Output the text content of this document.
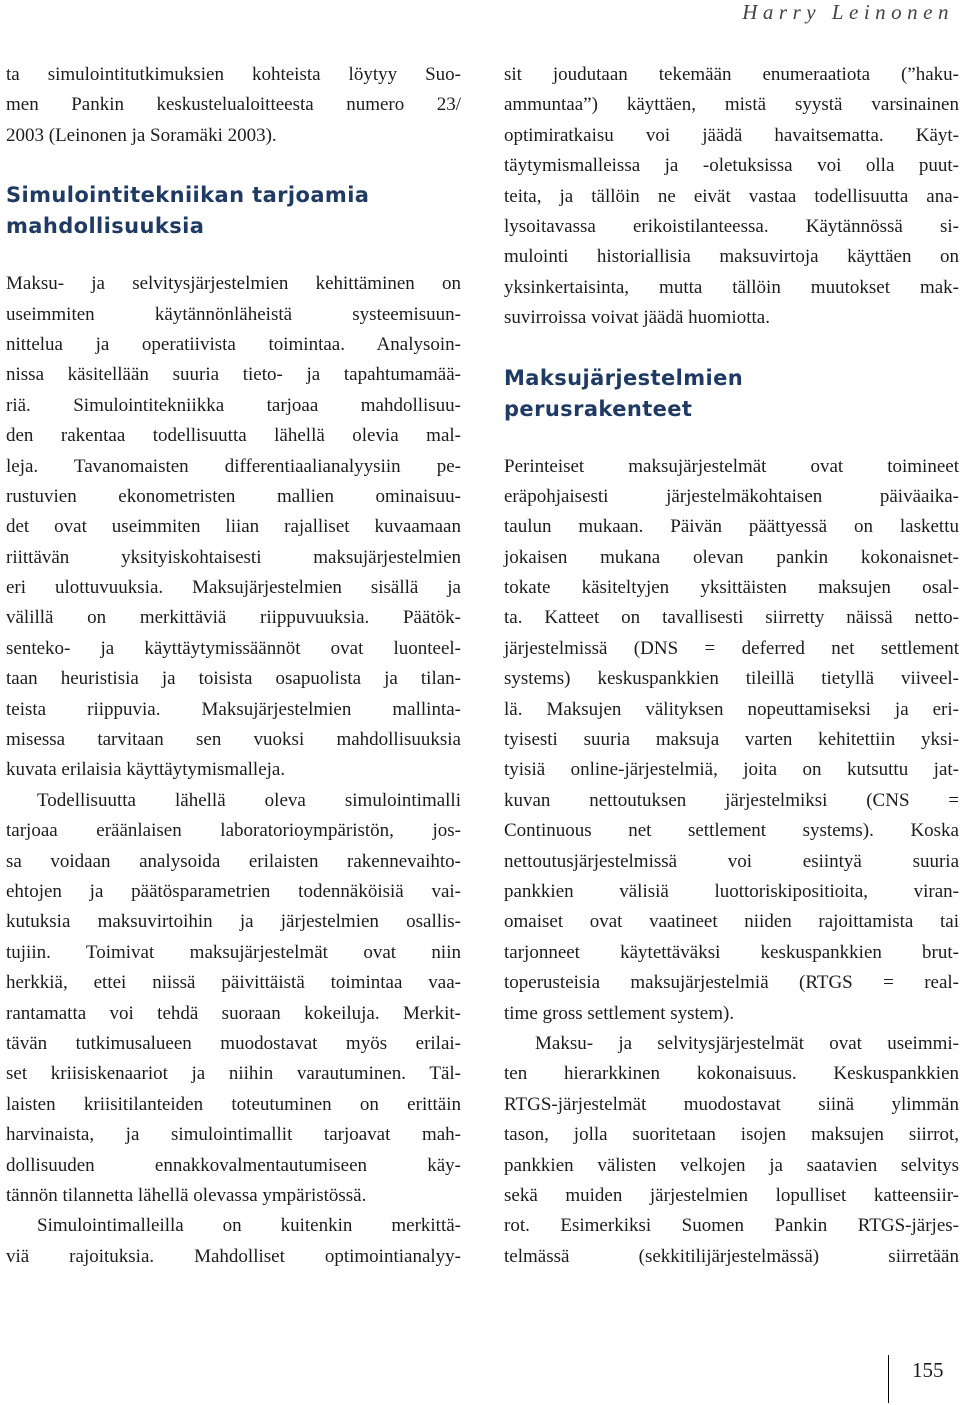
Harry Leinonen
ta simulointitutkimuksien kohteista löytyy Suo-
men Pankin keskustelualoitteesta numero 23/
2003 (Leinonen ja Soramäki 2003).
Simulointitekniikan tarjoamia
mahdollisuuksia
Maksu- ja selvitysjärjestelmien kehittäminen on
useimmiten käytännönläheistä systeemisuun-
nittelua ja operatiivista toimintaa. Analysoin-
nissa käsitellään suuria tieto- ja tapahtumamää-
riä. Simulointitekniikka tarjoaa mahdollisuu-
den rakentaa todellisuutta lähellä olevia mal-
leja. Tavanomaisten differentiaalianalyysiin pe-
rustuvien ekonometristen mallien ominaisuu-
det ovat useimmiten liian rajalliset kuvaamaan
riittävän yksityiskohtaisesti maksujärjestelmien
eri ulottuvuuksia. Maksujärjestelmien sisällä ja
välillä on merkittäviä riippuvuuksia. Päätök-
senteko- ja käyttäytymissäännöt ovat luonteel-
taan heuristisia ja toisista osapuolista ja tilan-
teista riippuvia. Maksujärjestelmien mallinta-
misessa tarvitaan sen vuoksi mahdollisuuksia
kuvata erilaisia käyttäytymismalleja.
Todellisuutta lähellä oleva simulointimalli
tarjoaa eräänlaisen laboratorioympäristön, jos-
sa voidaan analysoida erilaisten rakennevaihto-
ehtojen ja päätösparametrien todennäköisiä vai-
kutuksia maksuvirtoihin ja järjestelmien osallis-
tujiin. Toimivat maksujärjestelmät ovat niin
herkkiä, ettei niissä päivittäistä toimintaa vaa-
rantamatta voi tehdä suoraan kokeiluja. Merkit-
tävän tutkimusalueen muodostavat myös erilai-
set kriisiskenaariot ja niihin varautuminen. Täl-
laisten kriisitilanteiden toteutuminen on erittäin
harvinaista, ja simulointimallit tarjoavat mah-
dollisuuden ennakkovalmentautumiseen käy-
tännön tilannetta lähellä olevassa ympäristössä.
Simulointimalleilla on kuitenkin merkittä-
viä rajoituksia. Mahdolliset optimointianalyy-
sit joudutaan tekemään enumeraatiota (”haku-
ammuntaa”) käyttäen, mistä syystä varsinainen
optimiratkaisu voi jäädä havaitsematta. Käyt-
täytymismalleissa ja -oletuksissa voi olla puut-
teita, ja tällöin ne eivät vastaa todellisuutta ana-
lysoitavassa erikoistilanteessa. Käytännössä si-
mulointi historiallisia maksuvirtoja käyttäen on
yksinkertaisinta, mutta tällöin muutokset mak-
suvirroissa voivat jäädä huomiotta.
Maksujärjestelmien
perusrakenteet
Perinteiset maksujärjestelmät ovat toimineet
eräpohjaisesti järjestelmäkohtaisen päiväaika-
taulun mukaan. Päivän päättyessä on laskettu
jokaisen mukana olevan pankin kokonaisnet-
tokate käsiteltyjen yksittäisten maksujen osal-
ta. Katteet on tavallisesti siirretty näissä netto-
järjestelmissä (DNS = deferred net settlement
systems) keskuspankkien tileillä tietyllä viiveel-
lä. Maksujen välityksen nopeuttamiseksi ja eri-
tyisesti suuria maksuja varten kehitettiin yksi-
tyisiä online-järjestelmiä, joita on kutsuttu jat-
kuvan nettoutuksen järjestelmiksi (CNS =
Continuous net settlement systems). Koska
nettoutusjärjestelmissä voi esiintyä suuria
pankkien välisiä luottoriskipositioita, viran-
omaiset ovat vaatineet niiden rajoittamista tai
tarjonneet käytettäväksi keskuspankkien brut-
toperusteisia maksujärjestelmiä (RTGS = real-
time gross settlement system).
Maksu- ja selvitysjärjestelmät ovat useimmi-
ten hierarkkinen kokonaisuus. Keskuspankkien
RTGS-järjestelmät muodostavat siinä ylimmän
tason, jolla suoritetaan isojen maksujen siirrot,
pankkien välisten velkojen ja saatavien selvitys
sekä muiden järjestelmien lopulliset katteensiir-
rot. Esimerkiksi Suomen Pankin RTGS-järjes-
telmässä (sekkitilijärjestelmässä) siirretään
155
